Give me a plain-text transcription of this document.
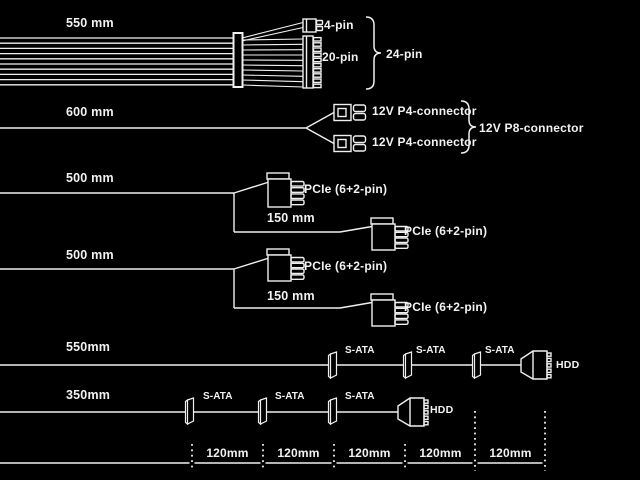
550 mm	4-pin
20-pin 24-pin
600 mm	12V P4-connector
12V P4-connector
12V P8-connector
500 mm
PCIe (6+2-pin)
150 mm
PCIe (6+2-pin)
500 mm
PCIe (6+2-pin)
150 mm
PCIe (6+2-pin)
550mm	S-ATA	S-ATA	S-ATA
HDD
350mm	S-ATA	S-ATA	S-ATA
HDD
120mm	120mm	120mm	120mm	120mm
